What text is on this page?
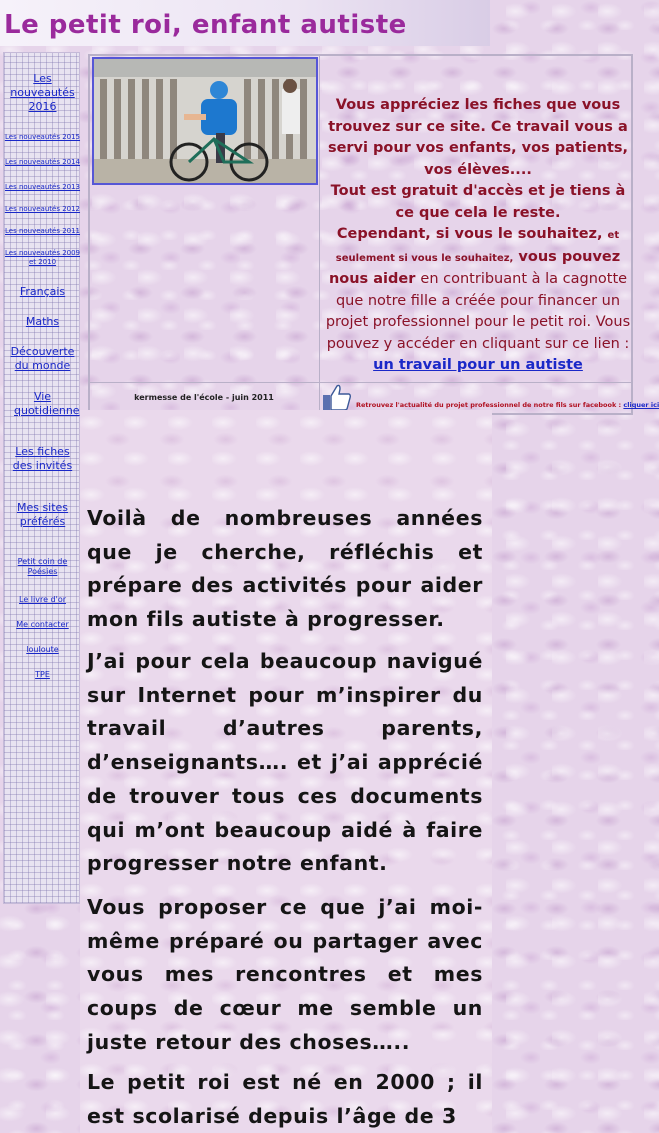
Le petit roi, enfant autiste
Les nouveautés 2016
Les nouveautés 2015
Les nouveautés 2014
Les nouveautés 2013
Les nouveautés 2012
Les nouveautés 2011
Les nouveautés 2009 et 2010
Français
Maths
Découverte du monde
Vie quotidienne
Les fiches des invités
Mes sites préférés
Petit coin de Poésies
Le livre d'or
Me contacter
louloute
TPE
Vous appréciez les fiches que vous trouvez sur ce site. Ce travail vous a servi pour vos enfants, vos patients, vos élèves....
Tout est gratuit d'accès et je tiens à ce que cela le reste.
Cependant, si vous le souhaitez, et seulement si vous le souhaitez, vous pouvez nous aider en contribuant à la cagnotte que notre fille a créée pour financer un projet professionnel pour le petit roi. Vous pouvez y accéder en cliquant sur ce lien : un travail pour un autiste
kermesse de l'école - juin 2011
Retrouvez l'actualité du projet professionnel de notre fils sur facebook : cliquer ici

Voilà de nombreuses années que je cherche, réfléchis et prépare des activités pour aider mon fils autiste à progresser.

J’ai pour cela beaucoup navigué sur Internet pour m’inspirer du travail d’autres parents, d’enseignants…. et j’ai apprécié de trouver tous ces documents qui m’ont beaucoup aidé à faire progresser notre enfant.

Vous proposer ce que j’ai moi-même préparé ou partager avec vous mes rencontres et mes coups de cœur me semble un juste retour des choses…..

Le petit roi est né en 2000 ; il est scolarisé depuis l’âge de 3
